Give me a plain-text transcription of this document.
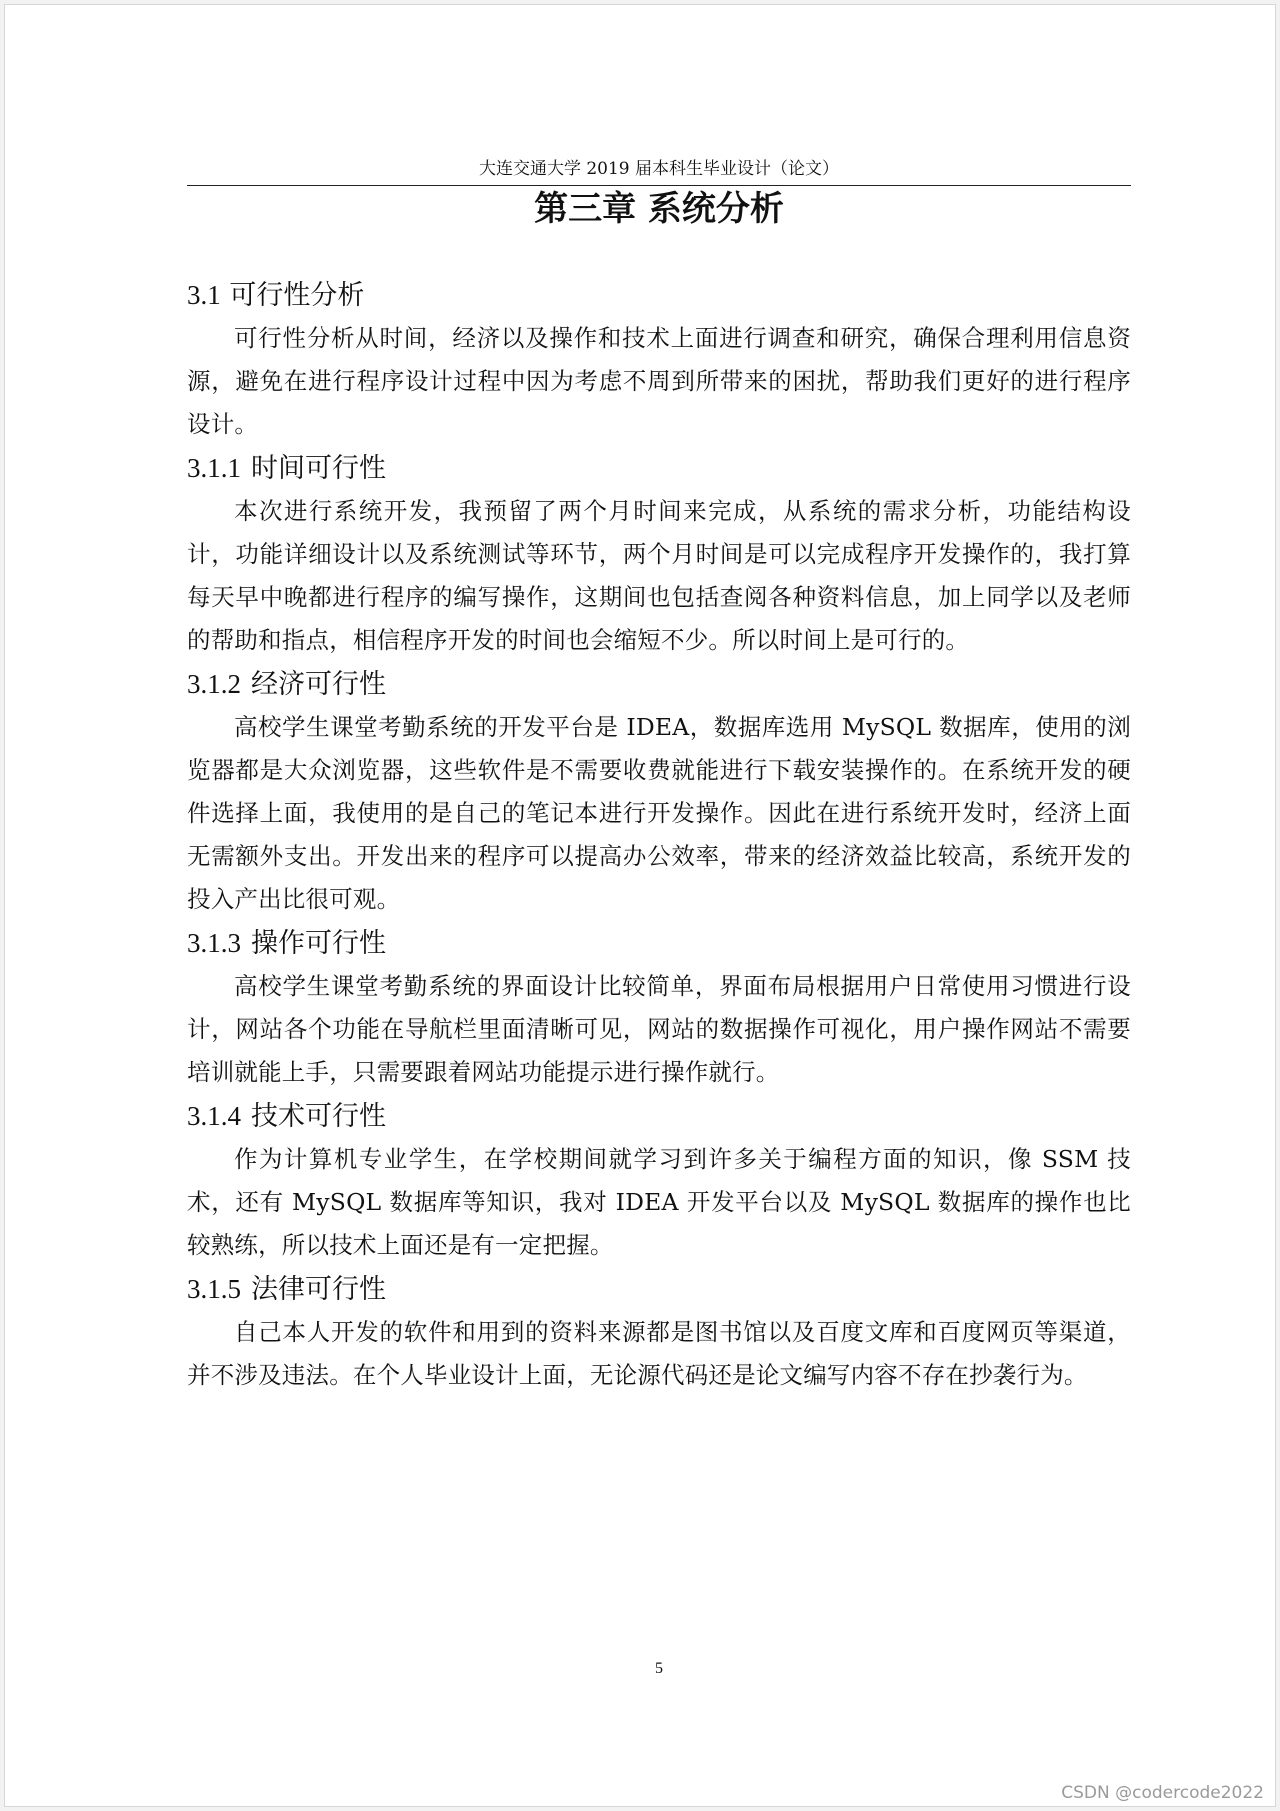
大连交通大学 2019 届本科生毕业设计（论文）
第三章 系统分析
3.1 可行性分析

可行性分析从时间，经济以及操作和技术上面进行调查和研究，确保合理利用信息资源，避免在进行程序设计过程中因为考虑不周到所带来的困扰，帮助我们更好的进行程序设计。

3.1.1 时间可行性

本次进行系统开发，我预留了两个月时间来完成，从系统的需求分析，功能结构设计，功能详细设计以及系统测试等环节，两个月时间是可以完成程序开发操作的，我打算每天早中晚都进行程序的编写操作，这期间也包括查阅各种资料信息，加上同学以及老师的帮助和指点，相信程序开发的时间也会缩短不少。所以时间上是可行的。

3.1.2 经济可行性

高校学生课堂考勤系统的开发平台是 IDEA，数据库选用 MySQL 数据库，使用的浏览器都是大众浏览器，这些软件是不需要收费就能进行下载安装操作的。在系统开发的硬件选择上面，我使用的是自己的笔记本进行开发操作。因此在进行系统开发时，经济上面无需额外支出。开发出来的程序可以提高办公效率，带来的经济效益比较高，系统开发的投入产出比很可观。

3.1.3 操作可行性

高校学生课堂考勤系统的界面设计比较简单，界面布局根据用户日常使用习惯进行设计，网站各个功能在导航栏里面清晰可见，网站的数据操作可视化，用户操作网站不需要培训就能上手，只需要跟着网站功能提示进行操作就行。

3.1.4 技术可行性

作为计算机专业学生，在学校期间就学习到许多关于编程方面的知识，像 SSM 技术，还有 MySQL 数据库等知识，我对 IDEA 开发平台以及 MySQL 数据库的操作也比较熟练，所以技术上面还是有一定把握。

3.1.5 法律可行性

自己本人开发的软件和用到的资料来源都是图书馆以及百度文库和百度网页等渠道，并不涉及违法。在个人毕业设计上面，无论源代码还是论文编写内容不存在抄袭行为。

5
CSDN @codercode2022
